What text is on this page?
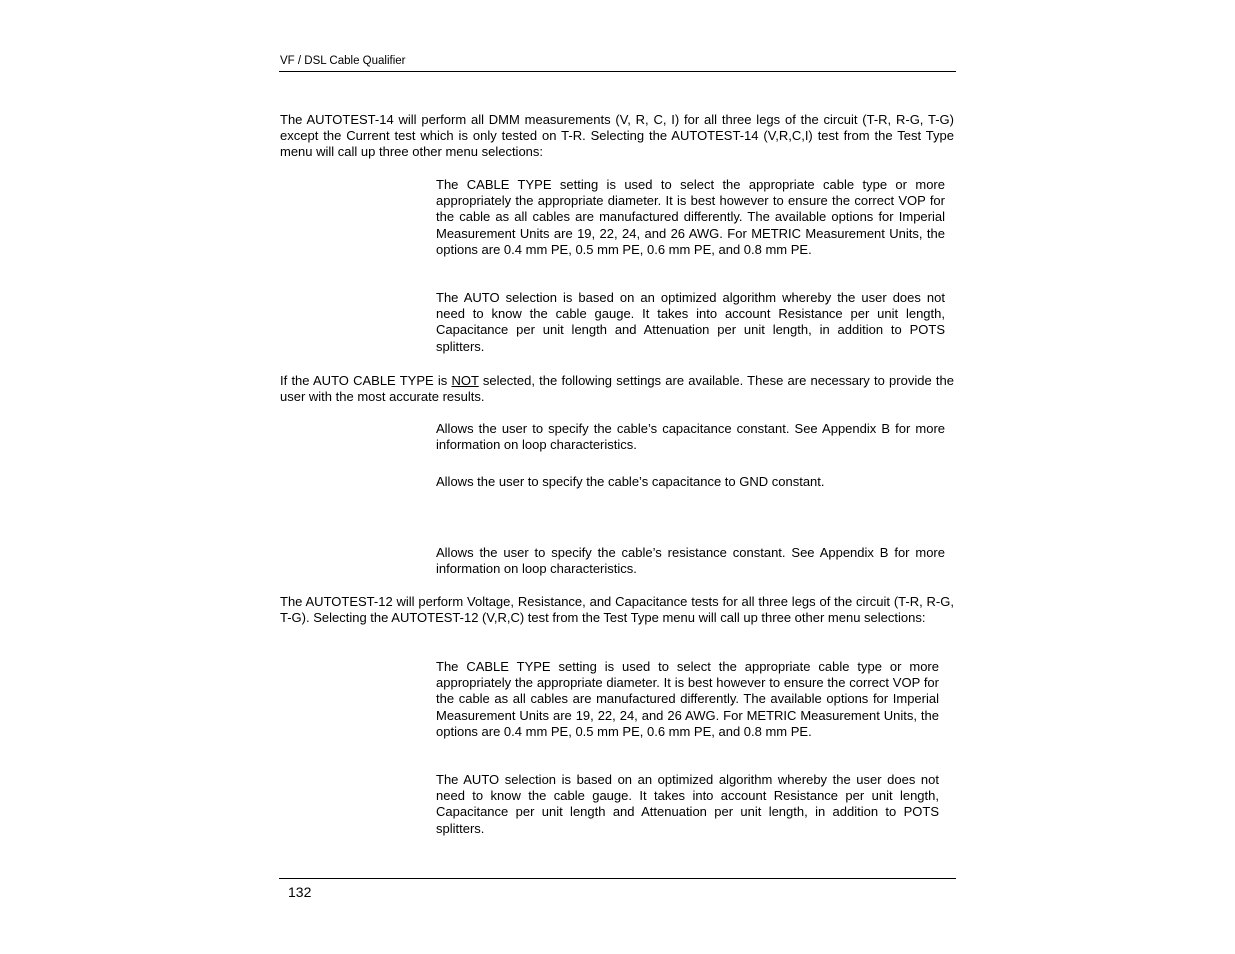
VF / DSL Cable Qualifier

The AUTOTEST-14 will perform all DMM measurements (V, R, C, I) for all three legs of the circuit (T-R, R-G, T-G) except the Current test which is only tested on T-R. Selecting the AUTOTEST-14 (V,R,C,I) test from the Test Type menu will call up three other menu selections:

The CABLE TYPE setting is used to select the appropriate cable type or more appropriately the appropriate diameter. It is best however to ensure the correct VOP for the cable as all cables are manufactured differently. The available options for Imperial Measurement Units are 19, 22, 24, and 26 AWG. For METRIC Measurement Units, the options are 0.4 mm PE, 0.5 mm PE, 0.6 mm PE, and 0.8 mm PE.

The AUTO selection is based on an optimized algorithm whereby the user does not need to know the cable gauge. It takes into account Resistance per unit length, Capacitance per unit length and Attenuation per unit length, in addition to POTS splitters.

If the AUTO CABLE TYPE is NOT selected, the following settings are available. These are necessary to provide the user with the most accurate results.

Allows the user to specify the cable’s capacitance constant. See Appendix B for more information on loop characteristics.

Allows the user to specify the cable’s capacitance to GND constant.

Allows the user to specify the cable’s resistance constant. See Appendix B for more information on loop characteristics.

The AUTOTEST-12 will perform Voltage, Resistance, and Capacitance tests for all three legs of the circuit (T-R, R-G, T-G). Selecting the AUTOTEST-12 (V,R,C) test from the Test Type menu will call up three other menu selections:

The CABLE TYPE setting is used to select the appropriate cable type or more appropriately the appropriate diameter. It is best however to ensure the correct VOP for the cable as all cables are manufactured differently. The available options for Imperial Measurement Units are 19, 22, 24, and 26 AWG. For METRIC Measurement Units, the options are 0.4 mm PE, 0.5 mm PE, 0.6 mm PE, and 0.8 mm PE.

The AUTO selection is based on an optimized algorithm whereby the user does not need to know the cable gauge. It takes into account Resistance per unit length, Capacitance per unit length and Attenuation per unit length, in addition to POTS splitters.

132
